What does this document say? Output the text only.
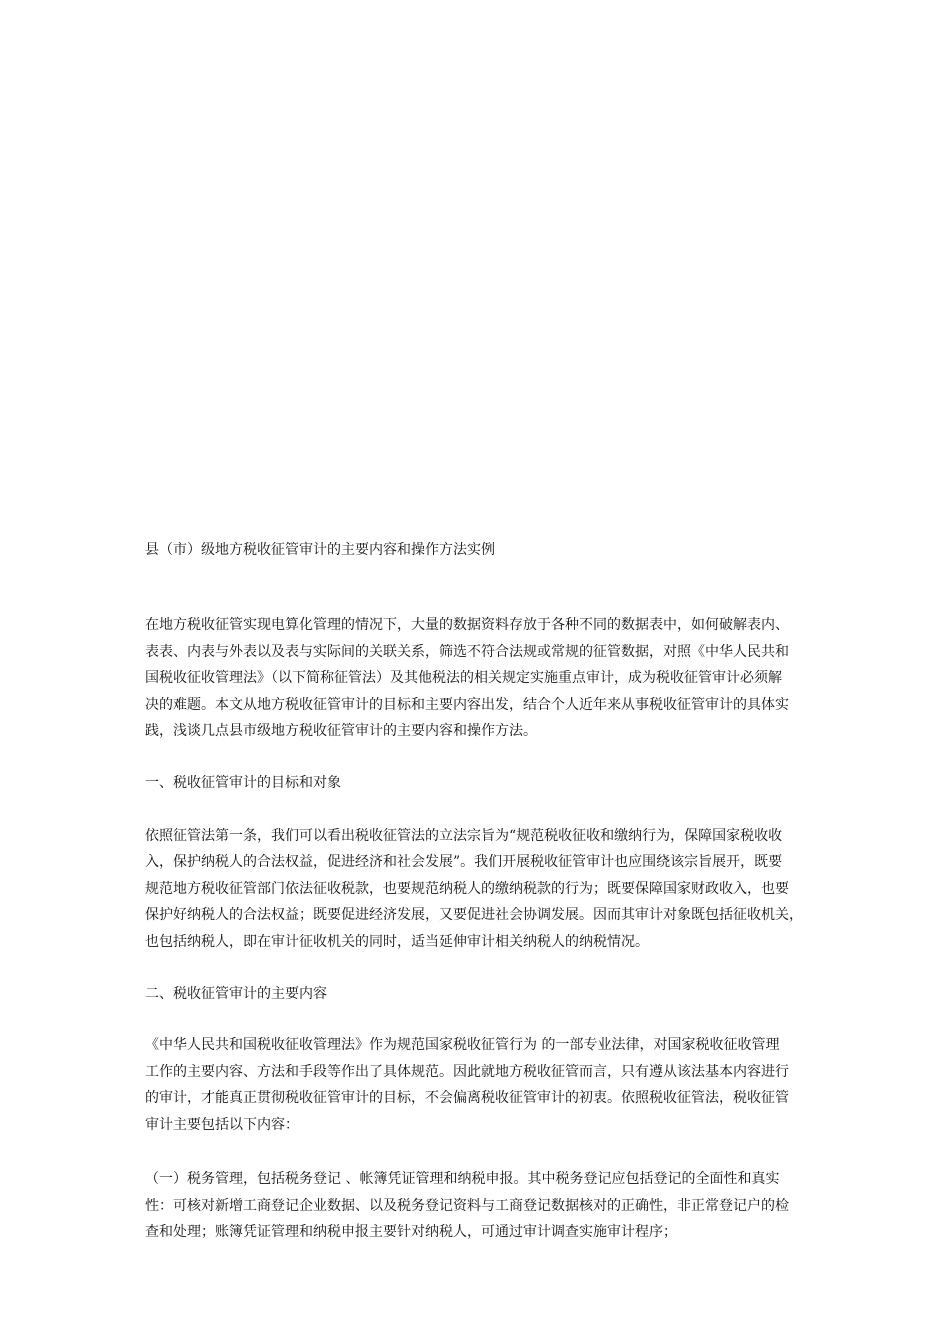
县（市）级地方税收征管审计的主要内容和操作方法实例

在地方税收征管实现电算化管理的情况下，大量的数据资料存放于各种不同的数据表中，如何破解表内、
表表、内表与外表以及表与实际间的关联关系，筛选不符合法规或常规的征管数据，对照《中华人民共和
国税收征收管理法》（以下简称征管法）及其他税法的相关规定实施重点审计，成为税收征管审计必须解
决的难题。本文从地方税收征管审计的目标和主要内容出发，结合个人近年来从事税收征管审计的具体实
践，浅谈几点县市级地方税收征管审计的主要内容和操作方法。

一、税收征管审计的目标和对象

依照征管法第一条，我们可以看出税收征管法的立法宗旨为“规范税收征收和缴纳行为，保障国家税收收
入，保护纳税人的合法权益，促进经济和社会发展”。我们开展税收征管审计也应围绕该宗旨展开，既要
规范地方税收征管部门依法征收税款，也要规范纳税人的缴纳税款的行为；既要保障国家财政收入，也要
保护好纳税人的合法权益；既要促进经济发展，又要促进社会协调发展。因而其审计对象既包括征收机关，
也包括纳税人，即在审计征收机关的同时，适当延伸审计相关纳税人的纳税情况。

二、税收征管审计的主要内容

《中华人民共和国税收征收管理法》作为规范国家税收征管行为 的一部专业法律，对国家税收征收管理
工作的主要内容、方法和手段等作出了具体规范。因此就地方税收征管而言，只有遵从该法基本内容进行
的审计，才能真正贯彻税收征管审计的目标，不会偏离税收征管审计的初衷。依照税收征管法，税收征管
审计主要包括以下内容：

（一）税务管理，包括税务登记 、帐簿凭证管理和纳税申报。其中税务登记应包括登记的全面性和真实
性：可核对新增工商登记企业数据、以及税务登记资料与工商登记数据核对的正确性，非正常登记户的检
查和处理；账簿凭证管理和纳税申报主要针对纳税人，可通过审计调查实施审计程序；
